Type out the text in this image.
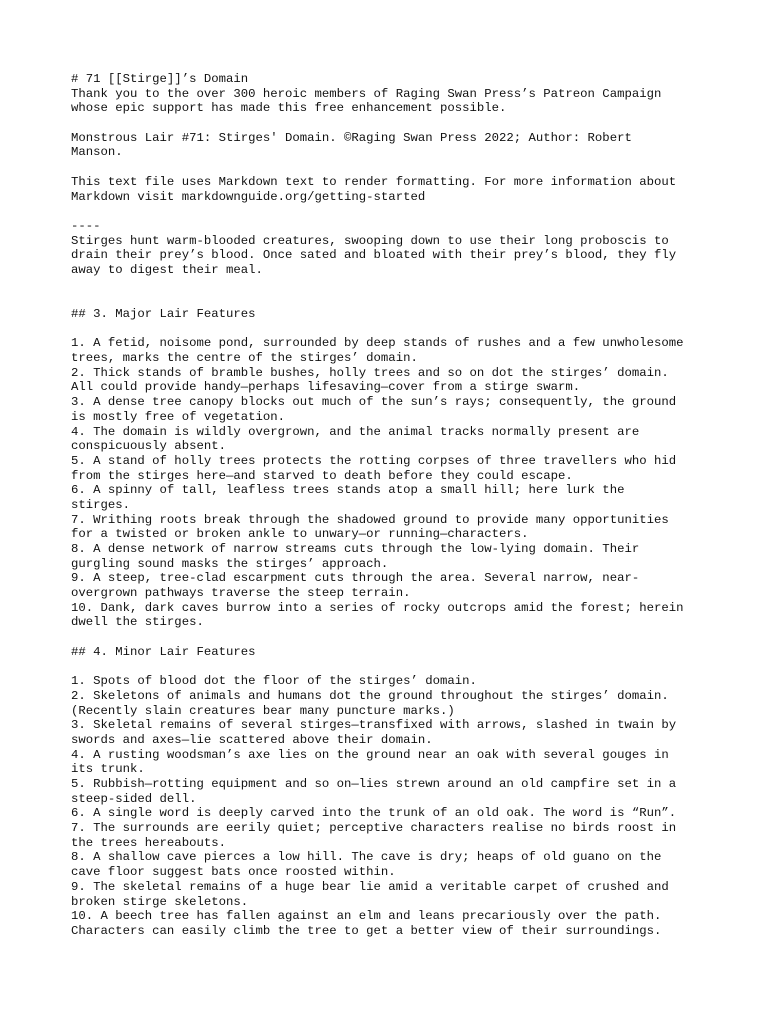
# 71 [[Stirge]]’s Domain
Thank you to the over 300 heroic members of Raging Swan Press’s Patreon Campaign
whose epic support has made this free enhancement possible.
Monstrous Lair #71: Stirges' Domain. ©Raging Swan Press 2022; Author: Robert
Manson.
This text file uses Markdown text to render formatting. For more information about
Markdown visit markdownguide.org/getting-started
----
Stirges hunt warm-blooded creatures, swooping down to use their long proboscis to
drain their prey’s blood. Once sated and bloated with their prey’s blood, they fly
away to digest their meal.
## 3. Major Lair Features
1. A fetid, noisome pond, surrounded by deep stands of rushes and a few unwholesome
trees, marks the centre of the stirges’ domain.
2. Thick stands of bramble bushes, holly trees and so on dot the stirges’ domain.
All could provide handy—perhaps lifesaving—cover from a stirge swarm.
3. A dense tree canopy blocks out much of the sun’s rays; consequently, the ground
is mostly free of vegetation.
4. The domain is wildly overgrown, and the animal tracks normally present are
conspicuously absent.
5. A stand of holly trees protects the rotting corpses of three travellers who hid
from the stirges here—and starved to death before they could escape.
6. A spinny of tall, leafless trees stands atop a small hill; here lurk the
stirges.
7. Writhing roots break through the shadowed ground to provide many opportunities
for a twisted or broken ankle to unwary—or running—characters.
8. A dense network of narrow streams cuts through the low-lying domain. Their
gurgling sound masks the stirges’ approach.
9. A steep, tree-clad escarpment cuts through the area. Several narrow, near-
overgrown pathways traverse the steep terrain.
10. Dank, dark caves burrow into a series of rocky outcrops amid the forest; herein
dwell the stirges.
## 4. Minor Lair Features
1. Spots of blood dot the floor of the stirges’ domain.
2. Skeletons of animals and humans dot the ground throughout the stirges’ domain.
(Recently slain creatures bear many puncture marks.)
3. Skeletal remains of several stirges—transfixed with arrows, slashed in twain by
swords and axes—lie scattered above their domain.
4. A rusting woodsman’s axe lies on the ground near an oak with several gouges in
its trunk.
5. Rubbish—rotting equipment and so on—lies strewn around an old campfire set in a
steep-sided dell.
6. A single word is deeply carved into the trunk of an old oak. The word is “Run”.
7. The surrounds are eerily quiet; perceptive characters realise no birds roost in
the trees hereabouts.
8. A shallow cave pierces a low hill. The cave is dry; heaps of old guano on the
cave floor suggest bats once roosted within.
9. The skeletal remains of a huge bear lie amid a veritable carpet of crushed and
broken stirge skeletons.
10. A beech tree has fallen against an elm and leans precariously over the path.
Characters can easily climb the tree to get a better view of their surroundings.
